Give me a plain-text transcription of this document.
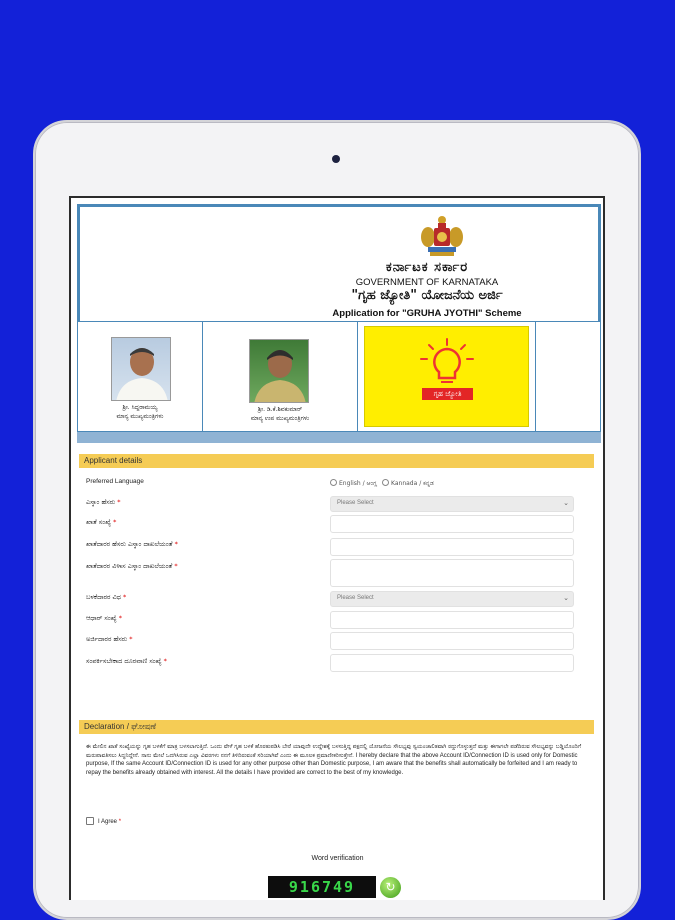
ಕರ್ನಾಟಕ ಸರ್ಕಾರ
GOVERNMENT OF KARNATAKA
"ಗೃಹ ಜ್ಯೋತಿ" ಯೋಜನೆಯ ಅರ್ಜಿ
Application for "GRUHA JYOTHI" Scheme
ಶ್ರೀ. ಸಿದ್ದರಾಮಯ್ಯ
ಮಾನ್ಯ ಮುಖ್ಯಮಂತ್ರಿಗಳು
ಶ್ರೀ. ಡಿ.ಕೆ.ಶಿವಕುಮಾರ್
ಮಾನ್ಯ ಉಪ ಮುಖ್ಯಮಂತ್ರಿಗಳು
ಗೃಹ ಜ್ಯೋತಿ
Applicant details
Preferred Language	English / ಆಂಗ್ಲ Kannada / ಕನ್ನಡ
ಎಸ್ಕಾಂ ಹೆಸರು *	Please Select	⌄
ಖಾತೆ ಸಂಖ್ಯೆ *
ಖಾತೆದಾರರ ಹೆಸರು ಎಸ್ಕಾಂ ದಾಖಲೆಯಂತೆ *
ಖಾತೆದಾರರ ವಿಳಾಸ ಎಸ್ಕಾಂ ದಾಖಲೆಯಂತೆ *
ಬಳಕೆದಾರರ ವಿಧ *	Please Select	⌄
ಆಧಾರ್ ಸಂಖ್ಯೆ *
ಅರ್ಜಿದಾರರ ಹೆಸರು *
ಸಂಪರ್ಕಿಸಬೇಕಾದ ದೂರವಾಣಿ ಸಂಖ್ಯೆ *
Declaration / ಘೋಷಣೆ
ಈ ಮೇಲಿನ ಖಾತೆ ಸಂಖ್ಯೆಯನ್ನು ಗೃಹ ಬಳಕೆಗೆ ಮಾತ್ರ ಬಳಸಲಾಗುತ್ತಿದೆ. ಒಂದು ವೇಳೆ ಗೃಹ ಬಳಕೆ ಹೊರತುಪಡಿಸಿ ಬೇರೆ ಯಾವುದೇ ಉದ್ದೇಶಕ್ಕೆ ಬಳಸುತ್ತಿದ್ದ ಪಕ್ಷದಲ್ಲಿ ಯೋಜನೆಯ ಸೌಲಭ್ಯವು ಸ್ವಯಂಚಾಲಿತವಾಗಿ ರದ್ದುಗೊಳ್ಳುತ್ತದೆ ಮತ್ತು ಈಗಾಗಲೇ ಪಡೆದಿರುವ ಸೌಲಭ್ಯವನ್ನು ಬಡ್ಡಿಯೊಂದಿಗೆ ಮರುಪಾವತಿಸಲು ಸಿದ್ಧನಿದ್ದೇನೆ. ನಾನು ಮೇಲೆ ಒದಗಿಸಿರುವ ಎಲ್ಲಾ ವಿವರಗಳು ನನಗೆ ತಿಳಿದಿರುವಂತೆ ಸರಿಯಾಗಿವೆ ಎಂದು ಈ ಮೂಲಕ ಪ್ರಮಾಣೀಕರಿಸುತ್ತೇನೆ. I hereby declare that the above Account ID/Connection ID is used only for Domestic purpose, If the same Account ID/Connection ID is used for any other purpose other than Domestic purpose, I am aware that the benefits shall automatically be forfeited and I am ready to repay the benefits already obtained with interest. All the details I have provided are correct to the best of my knowledge.
I Agree *
Word verification
916749	↻
